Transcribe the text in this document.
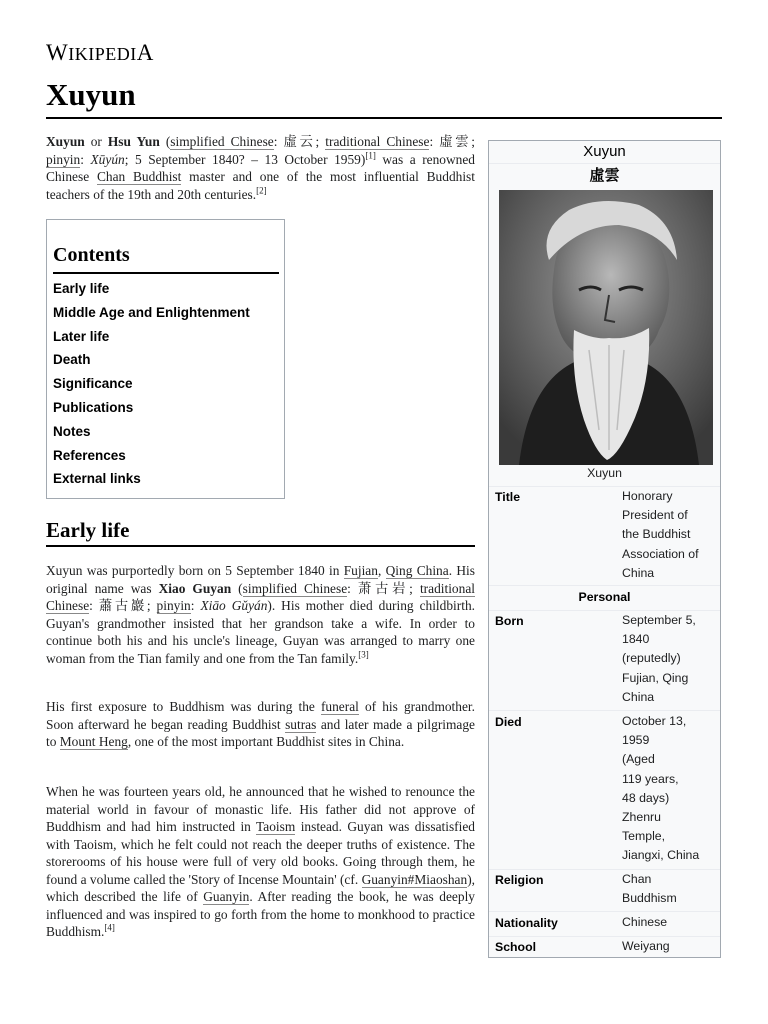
WIKIPEDIA
Xuyun

Xuyun or Hsu Yun (simplified Chinese: 虛云; traditional Chinese: 虛雲; pinyin: Xūyún; 5 September 1840? – 13 October 1959)[1] was a renowned Chinese Chan Buddhist master and one of the most influential Buddhist teachers of the 19th and 20th centuries.[2]

Contents
Early life
Middle Age and Enlightenment
Later life
Death
Significance
Publications
Notes
References
External links
Early life

Xuyun was purportedly born on 5 September 1840 in Fujian, Qing China. His original name was Xiao Guyan (simplified Chinese: 萧古岩; traditional Chinese: 蕭古巖; pinyin: Xiāo Gǔyán). His mother died during childbirth. Guyan's grandmother insisted that her grandson take a wife. In order to continue both his and his uncle's lineage, Guyan was arranged to marry one woman from the Tian family and one from the Tan family.[3]

His first exposure to Buddhism was during the funeral of his grandmother. Soon afterward he began reading Buddhist sutras and later made a pilgrimage to Mount Heng, one of the most important Buddhist sites in China.

When he was fourteen years old, he announced that he wished to renounce the material world in favour of monastic life. His father did not approve of Buddhism and had him instructed in Taoism instead. Guyan was dissatisfied with Taoism, which he felt could not reach the deeper truths of existence. The storerooms of his house were full of very old books. Going through them, he found a volume called the 'Story of Incense Mountain' (cf. Guanyin#Miaoshan), which described the life of Guanyin. After reading the book, he was deeply influenced and was inspired to go forth from the home to monkhood to practice Buddhism.[4]

Xuyun
虛雲
Xuyun
Title	Honorary
President of
the Buddhist
Association of
China
Personal
Born	September 5,
1840
(reputedly)
Fujian, Qing
China
Died	October 13,
1959
(Aged
119 years,
48 days)
Zhenru
Temple,
Jiangxi, China
Religion	Chan
Buddhism
Nationality	Chinese
School	Weiyang
